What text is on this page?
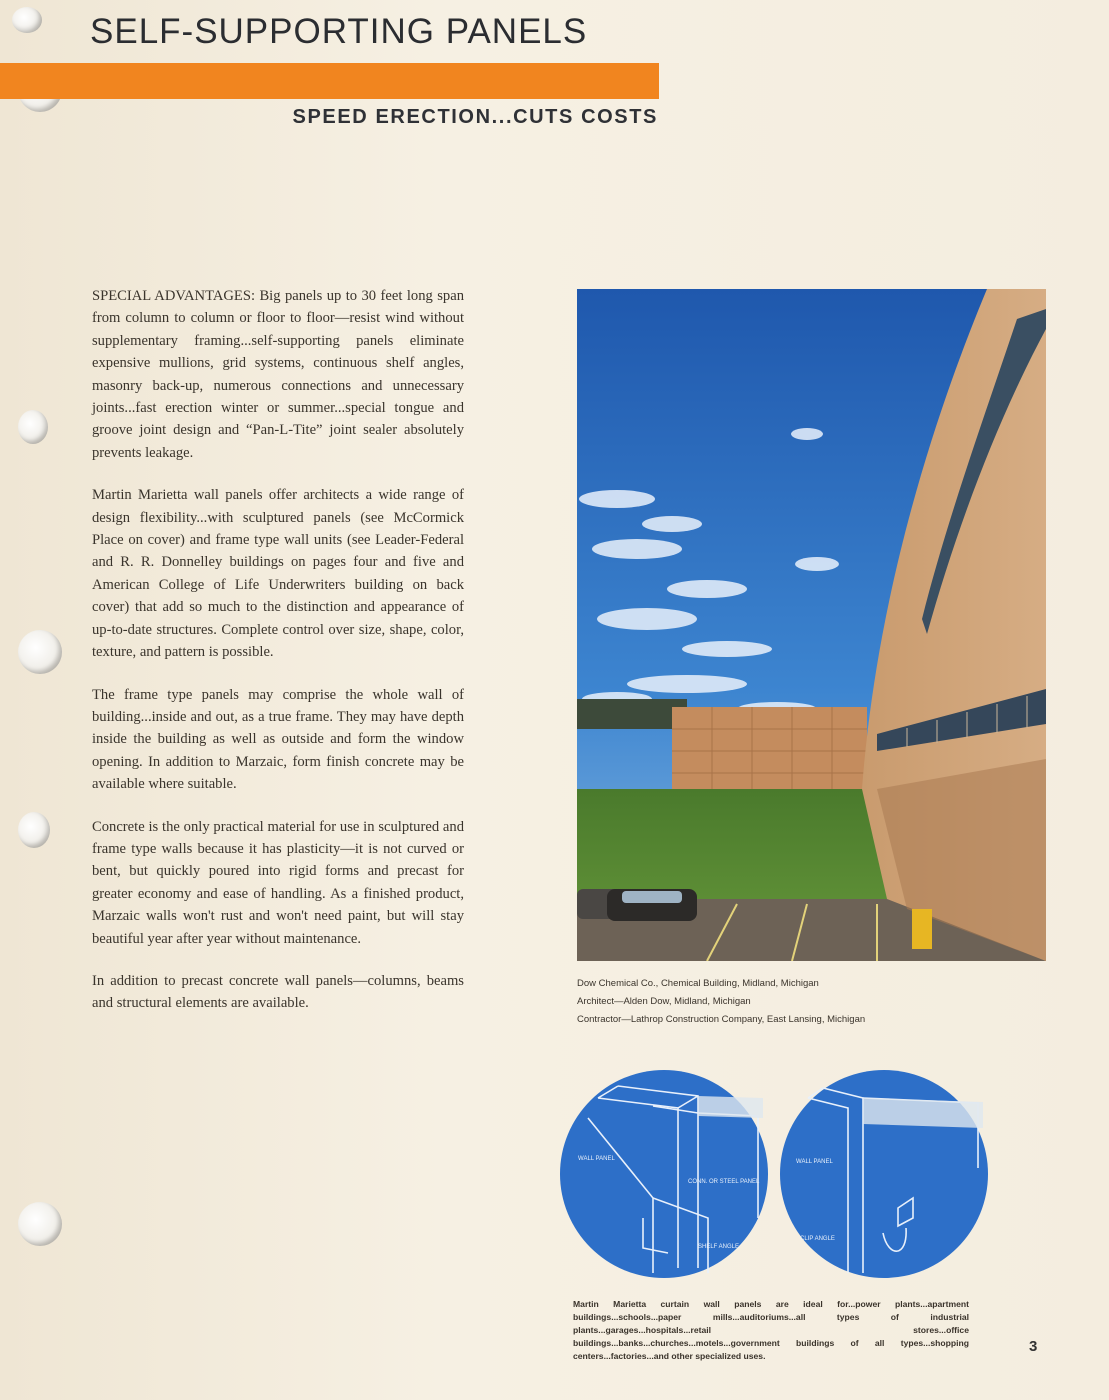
SELF-SUPPORTING PANELS
SPEED ERECTION...CUTS COSTS

SPECIAL ADVANTAGES: Big panels up to 30 feet long span from column to column or floor to floor—resist wind without supplementary framing...self-supporting panels eliminate expensive mullions, grid systems, continuous shelf angles, masonry back-up, numerous connections and unnecessary joints...fast erection winter or summer...special tongue and groove joint design and “Pan-L-Tite” joint sealer absolutely prevents leakage.

Martin Marietta wall panels offer architects a wide range of design flexibility...with sculptured panels (see McCormick Place on cover) and frame type wall units (see Leader-Federal and R. R. Donnelley buildings on pages four and five and American College of Life Underwriters building on back cover) that add so much to the distinction and appearance of up-to-date structures. Complete control over size, shape, color, texture, and pattern is possible.

The frame type panels may comprise the whole wall of building...inside and out, as a true frame. They may have depth inside the building as well as outside and form the window opening. In addition to Marzaic, form finish concrete may be available where suitable.

Concrete is the only practical material for use in sculptured and frame type walls because it has plasticity—it is not curved or bent, but quickly poured into rigid forms and precast for greater economy and ease of handling. As a finished product, Marzaic walls won't rust and won't need paint, but will stay beautiful year after year without maintenance.

In addition to precast concrete wall panels—columns, beams and structural elements are available.

Dow Chemical Co., Chemical Building, Midland, Michigan
Architect—Alden Dow, Midland, Michigan
Contractor—Lathrop Construction Company, East Lansing, Michigan
WALL PANEL
CONN. OR STEEL PANEL
SHELF ANGLE
WALL PANEL
CLIP ANGLE
Martin Marietta curtain wall panels are ideal for...power plants...apartment buildings...schools...paper mills...auditoriums...all types of industrial plants...garages...hospitals...retail stores...office buildings...banks...churches...motels...government buildings of all types...shopping centers...factories...and other specialized uses.
3
